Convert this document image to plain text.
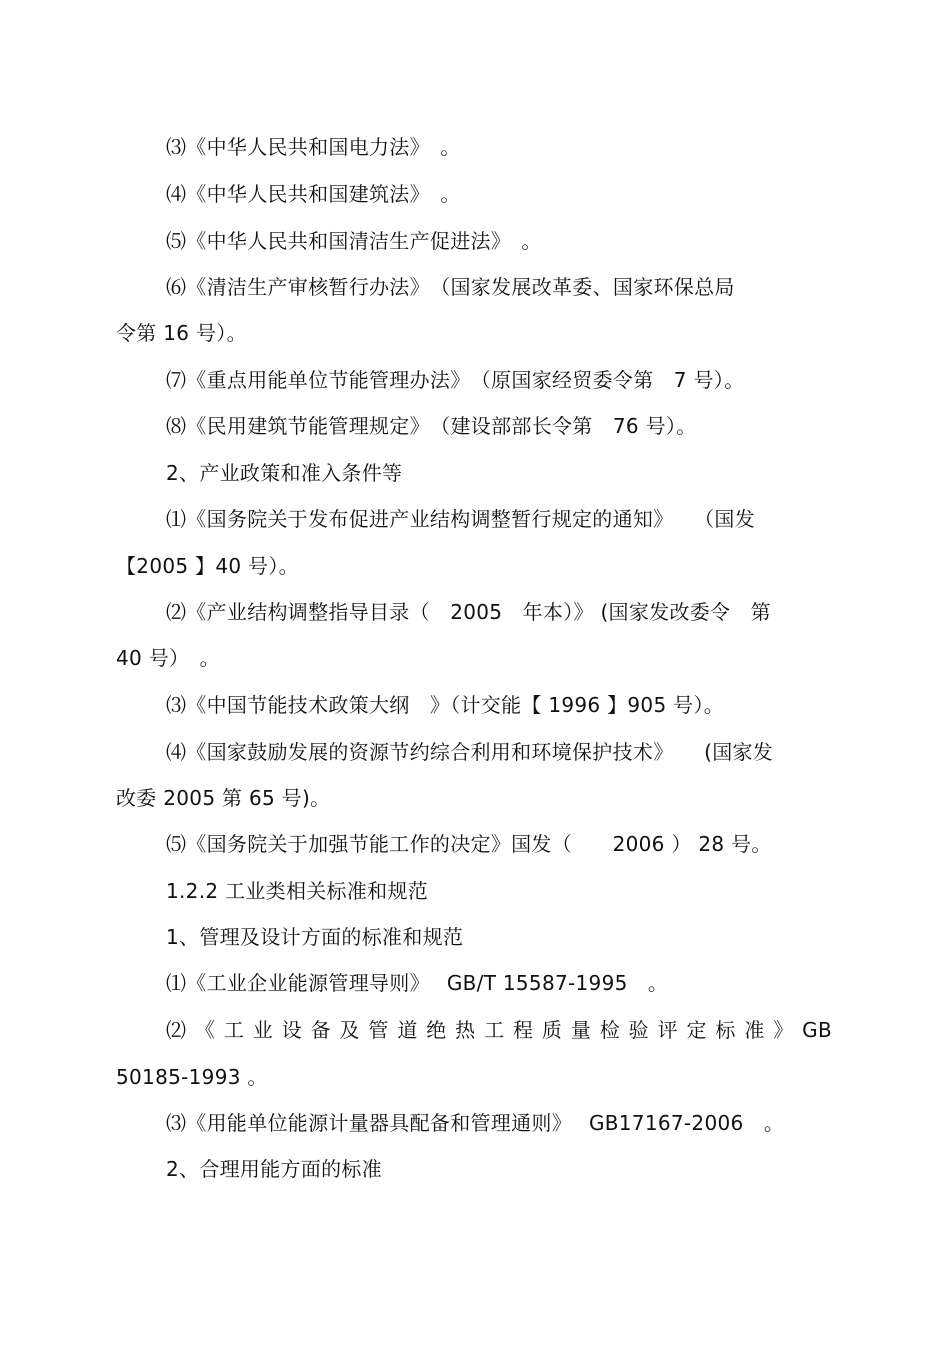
⑶《中华人民共和国电力法》　。
⑷《中华人民共和国建筑法》　。
⑸《中华人民共和国清洁生产促进法》　。
⑹《清洁生产审核暂行办法》　（国家发展改革委、国家环保总局
令第 16 号）。
⑺《重点用能单位节能管理办法》　（原国家经贸委令第　7 号）。
⑻《民用建筑节能管理规定》　（建设部部长令第　76 号）。
2、产业政策和准入条件等
⑴《国务院关于发布促进产业结构调整暂行规定的通知》　　（国发
【2005 】40 号）。
⑵《产业结构调整指导目录（　2005　年本）》 (国家发改委令　第
40 号）　。
⑶《中国节能技术政策大纲　》（计交能【 1996 】905 号）。
⑷《国家鼓励发展的资源节约综合利用和环境保护技术》　　(国家发
改委 2005 第 65 号)。
⑸《国务院关于加强节能工作的决定》国发（　　2006 ） 28 号。
1.2.2 工业类相关标准和规范
1、管理及设计方面的标准和规范
⑴《工业企业能源管理导则》　 GB/T 15587-1995　。
⑵《工业设备及管道绝热工程质量检验评定标准》GB
50185-1993 。
⑶《用能单位能源计量器具配备和管理通则》　 GB17167-2006　。
2、合理用能方面的标准
